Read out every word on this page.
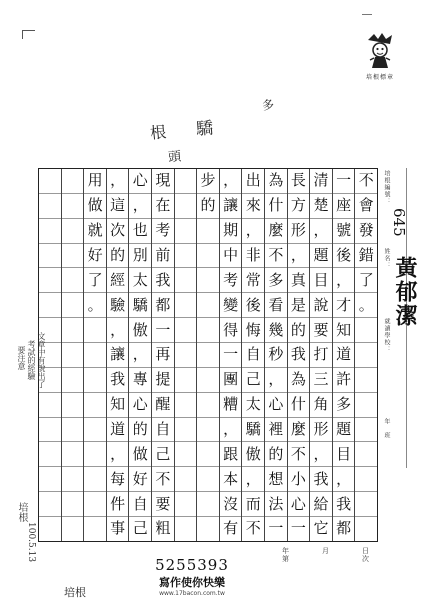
培根標章
根 驕
頭
多
不
會
發
錯
了
。
一
座
號
後
，
才
知
道
許
多
題
目
，
我
都
清
楚
，
題
目
說
要
打
三
角
形
，
我
給
它
長
方
形
，
真
是
的
我
為
什
麼
不
小
心
一
為
什
麼
不
多
看
幾
秒
，
心
裡
的
想
法
一
出
來
，
非
常
後
悔
自
己
太
驕
傲
，
而
不
，
讓
期
中
考
變
得
一
團
糟
，
跟
本
沒
有
步
的
現
在
考
前
我
都
一
再
提
醒
自
己
不
要
粗
心
，
也
別
太
驕
傲
，
專
心
的
做
好
自
己
，
這
次
的
經
驗
，
讓
我
知
道
，
每
件
事
用
做
就
好
了
。
培根編號：
645
姓名： 黃郁潔
就讀學校：
年　班
年	月	日
第	次
文章中有說出了
考試的經驗
要注意
培根
100.5.13
5255393
寫作使你快樂
www.17bacon.com.tw
培根
